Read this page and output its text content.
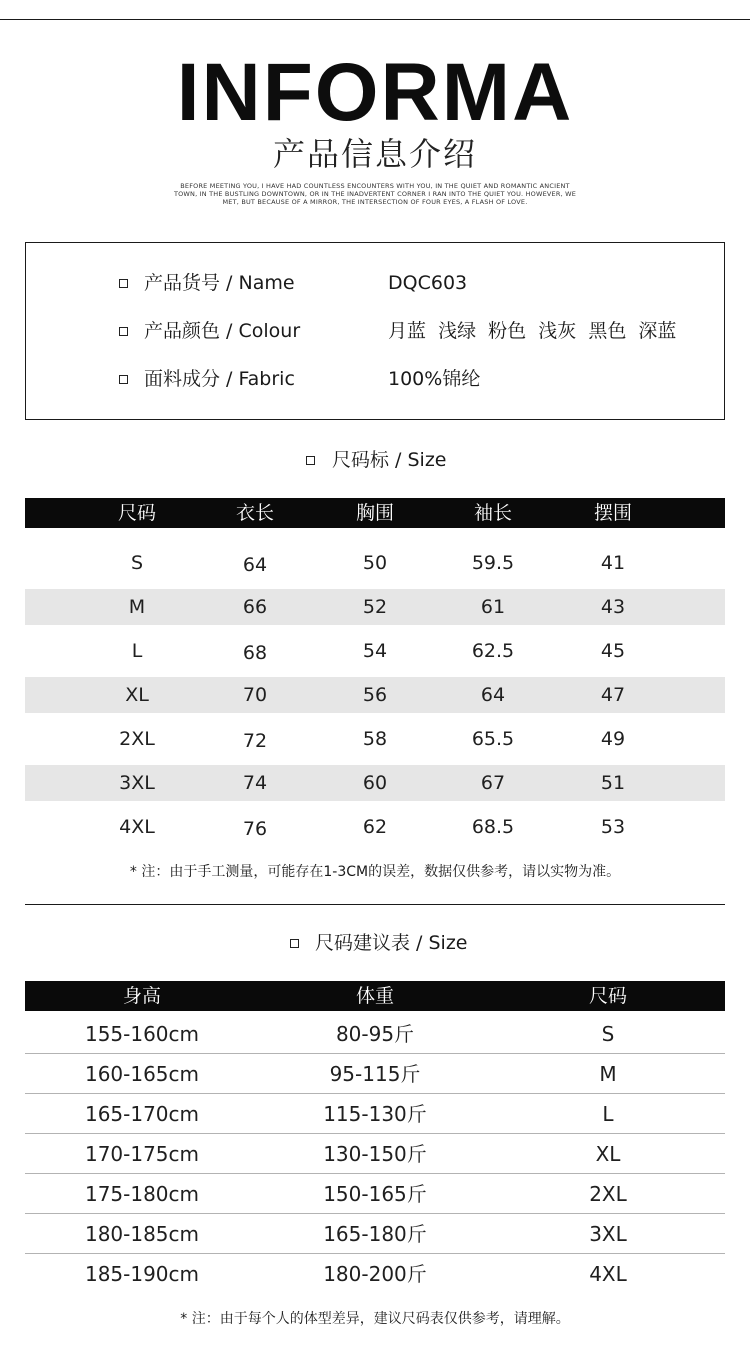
INFORMA
产品信息介绍
BEFORE MEETING YOU, I HAVE HAD COUNTLESS ENCOUNTERS WITH YOU, IN THE QUIET AND ROMANTIC ANCIENT TOWN, IN THE BUSTLING DOWNTOWN, OR IN THE INADVERTENT CORNER I RAN INTO THE QUIET YOU. HOWEVER, WE MET, BUT BECAUSE OF A MIRROR, THE INTERSECTION OF FOUR EYES, A FLASH OF LOVE.
产品货号 / Name	DQC603
产品颜色 / Colour	月蓝  浅绿  粉色  浅灰  黑色  深蓝
面料成分 / Fabric	100%锦纶
尺码标 / Size
尺码	衣长	胸围	袖长	摆围
S	64	50	59.5	41
M	66	52	61	43
L	68	54	62.5	45
XL	70	56	64	47
2XL	72	58	65.5	49
3XL	74	60	67	51
4XL	76	62	68.5	53
* 注：由于手工测量，可能存在1-3CM的误差，数据仅供参考，请以实物为准。
尺码建议表 / Size
身高	体重	尺码
155-160cm	80-95斤	S
160-165cm	95-115斤	M
165-170cm	115-130斤	L
170-175cm	130-150斤	XL
175-180cm	150-165斤	2XL
180-185cm	165-180斤	3XL
185-190cm	180-200斤	4XL
* 注：由于每个人的体型差异，建议尺码表仅供参考，请理解。
